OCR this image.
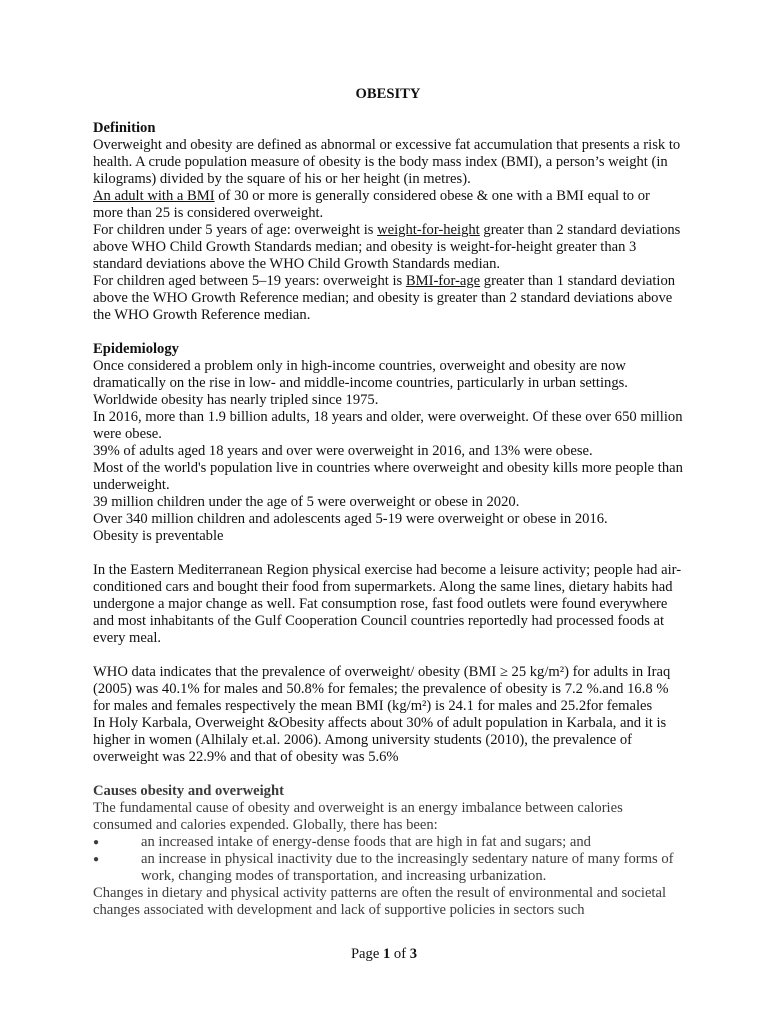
OBESITY
Definition
Overweight and obesity are defined as abnormal or excessive fat accumulation that presents a risk to health. A crude population measure of obesity is the body mass index (BMI), a person’s weight (in kilograms) divided by the square of his or her height (in metres).
An adult with a BMI of 30 or more is generally considered obese & one with a BMI equal to or more than 25 is considered overweight.
For children under 5 years of age: overweight is weight-for-height greater than 2 standard deviations above WHO Child Growth Standards median; and obesity is weight-for-height greater than 3 standard deviations above the WHO Child Growth Standards median.
For children aged between 5–19 years: overweight is BMI-for-age greater than 1 standard deviation above the WHO Growth Reference median; and obesity is greater than 2 standard deviations above the WHO Growth Reference median.
Epidemiology
Once considered a problem only in high-income countries, overweight and obesity are now dramatically on the rise in low- and middle-income countries, particularly in urban settings.
Worldwide obesity has nearly tripled since 1975.
In 2016, more than 1.9 billion adults, 18 years and older, were overweight. Of these over 650 million were obese.
39% of adults aged 18 years and over were overweight in 2016, and 13% were obese.
Most of the world's population live in countries where overweight and obesity kills more people than underweight.
39 million children under the age of 5 were overweight or obese in 2020.
Over 340 million children and adolescents aged 5-19 were overweight or obese in 2016.
Obesity is preventable
In the Eastern Mediterranean Region physical exercise had become a leisure activity; people had air-conditioned cars and bought their food from supermarkets. Along the same lines, dietary habits had undergone a major change as well. Fat consumption rose, fast food outlets were found everywhere and most inhabitants of the Gulf Cooperation Council countries reportedly had processed foods at every meal.
WHO data indicates that the prevalence of overweight/ obesity (BMI ≥ 25 kg/m²) for adults in Iraq (2005) was 40.1% for males and 50.8% for females; the prevalence of obesity is 7.2 %.and 16.8 % for males and females respectively the mean BMI (kg/m²) is 24.1 for males and 25.2for females
In Holy Karbala, Overweight &Obesity affects about 30% of adult population in Karbala, and it is higher in women (Alhilaly et.al. 2006). Among university students (2010), the prevalence of overweight was 22.9% and that of obesity was 5.6%
Causes obesity and overweight
The fundamental cause of obesity and overweight is an energy imbalance between calories consumed and calories expended. Globally, there has been:
●	an increased intake of energy-dense foods that are high in fat and sugars; and
●	an increase in physical inactivity due to the increasingly sedentary nature of many forms of work, changing modes of transportation, and increasing urbanization.
Changes in dietary and physical activity patterns are often the result of environmental and societal changes associated with development and lack of supportive policies in sectors such
Page 1 of 3
